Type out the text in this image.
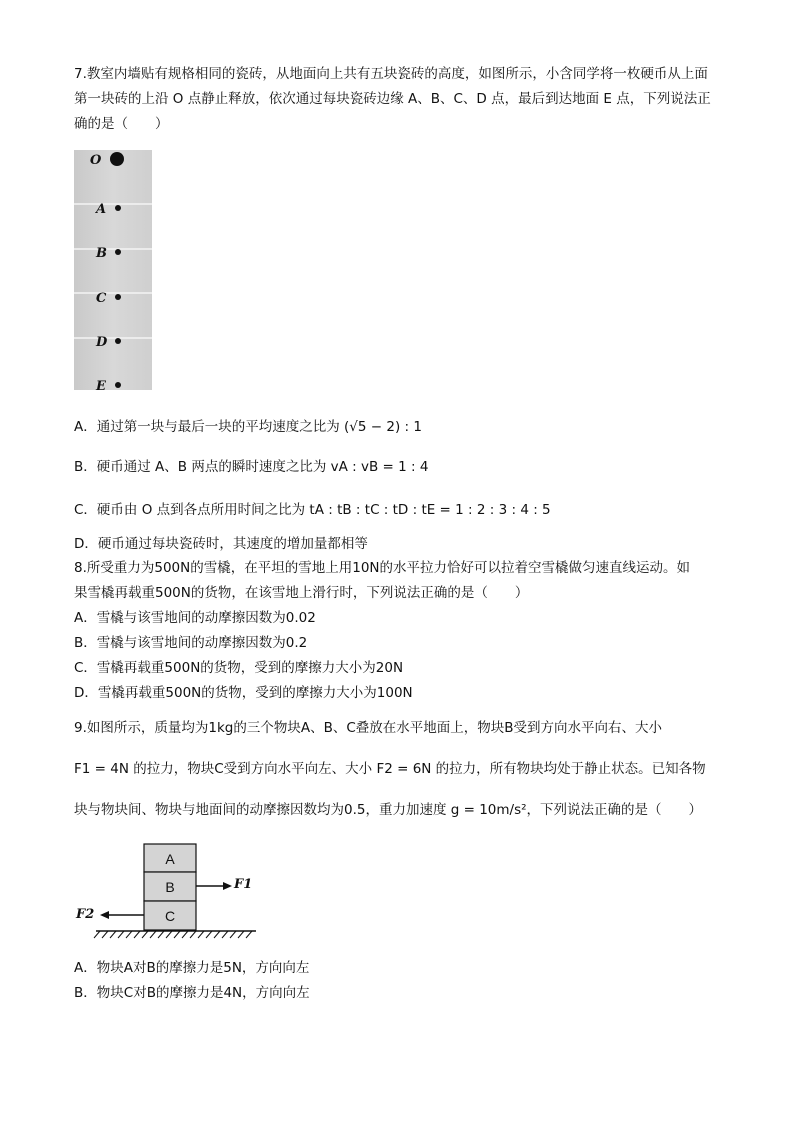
7.教室内墙贴有规格相同的瓷砖，从地面向上共有五块瓷砖的高度，如图所示，小含同学将一枚硬币从上面
第一块砖的上沿 O 点静止释放，依次通过每块瓷砖边缘 A、B、C、D 点，最后到达地面 E 点，下列说法正
确的是（　　）
O
A
B
C
D
E
A．通过第一块与最后一块的平均速度之比为 (√5 − 2) : 1
B．硬币通过 A、B 两点的瞬时速度之比为 vA : vB = 1 : 4
C．硬币由 O 点到各点所用时间之比为 tA : tB : tC : tD : tE = 1 : 2 : 3 : 4 : 5
D．硬币通过每块瓷砖时，其速度的增加量都相等
8.所受重力为500N的雪橇，在平坦的雪地上用10N的水平拉力恰好可以拉着空雪橇做匀速直线运动。如
果雪橇再载重500N的货物，在该雪地上滑行时，下列说法正确的是（　　）
A．雪橇与该雪地间的动摩擦因数为0.02
B．雪橇与该雪地间的动摩擦因数为0.2
C．雪橇再载重500N的货物，受到的摩擦力大小为20N
D．雪橇再载重500N的货物，受到的摩擦力大小为100N
9.如图所示，质量均为1kg的三个物块A、B、C叠放在水平地面上，物块B受到方向水平向右、大小
F1 = 4N 的拉力，物块C受到方向水平向左、大小 F2 = 6N 的拉力，所有物块均处于静止状态。已知各物
块与物块间、物块与地面间的动摩擦因数均为0.5，重力加速度 g = 10m/s²，下列说法正确的是（　　）
A
B
C
F1
F2
A．物块A对B的摩擦力是5N，方向向左
B．物块C对B的摩擦力是4N，方向向左
